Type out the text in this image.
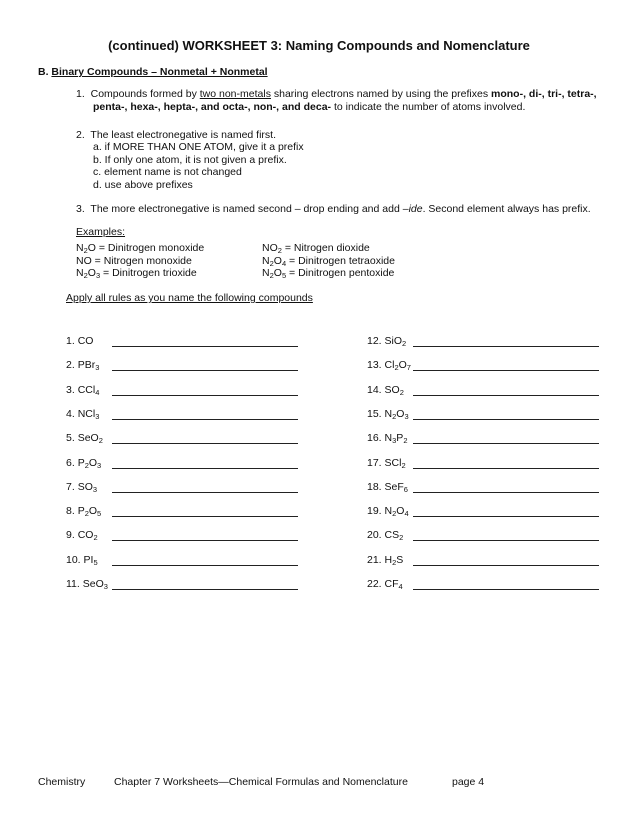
(continued) WORKSHEET 3: Naming Compounds and Nomenclature
B. Binary Compounds – Nonmetal + Nonmetal
1. Compounds formed by two non-metals sharing electrons named by using the prefixes mono-, di-, tri-, tetra-,
penta-, hexa-, hepta-, and octa-, non-, and deca- to indicate the number of atoms involved.
2. The least electronegative is named first.
a. if MORE THAN ONE ATOM, give it a prefix
b. If only one atom, it is not given a prefix.
c. element name is not changed
d. use above prefixes
3. The more electronegative is named second – drop ending and add –ide. Second element always has prefix.
Examples:
$N_2O$ = Dinitrogen monoxide
NO = Nitrogen monoxide
$N_2O_3$ = Dinitrogen trioxide
$NO_2$ = Nitrogen dioxide
$N_2O_4$ = Dinitrogen tetraoxide
$N_2O_5$ = Dinitrogen pentoxide
Apply all rules as you name the following compounds
1. CO
2. PBr$_3$
3. CCl$_4$
4. NCl$_3$
5. SeO$_2$
6. $P_2O_3$
7. $SO_3$
8. $P_2O_5$
9. $CO_2$
10. $PI_5$
11. SeO$_3$
12. SiO$_2$
13. $Cl_2O_7$
14. $SO_2$
15. $N_2O_3$
16. $N_3P_2$
17. SCl$_2$
18. SeF$_6$
19. $N_2O_4$
20. $CS_2$
21. $H_2S$
22. $CF_4$
Chemistry	Chapter 7 Worksheets—Chemical Formulas and Nomenclature	page 4
